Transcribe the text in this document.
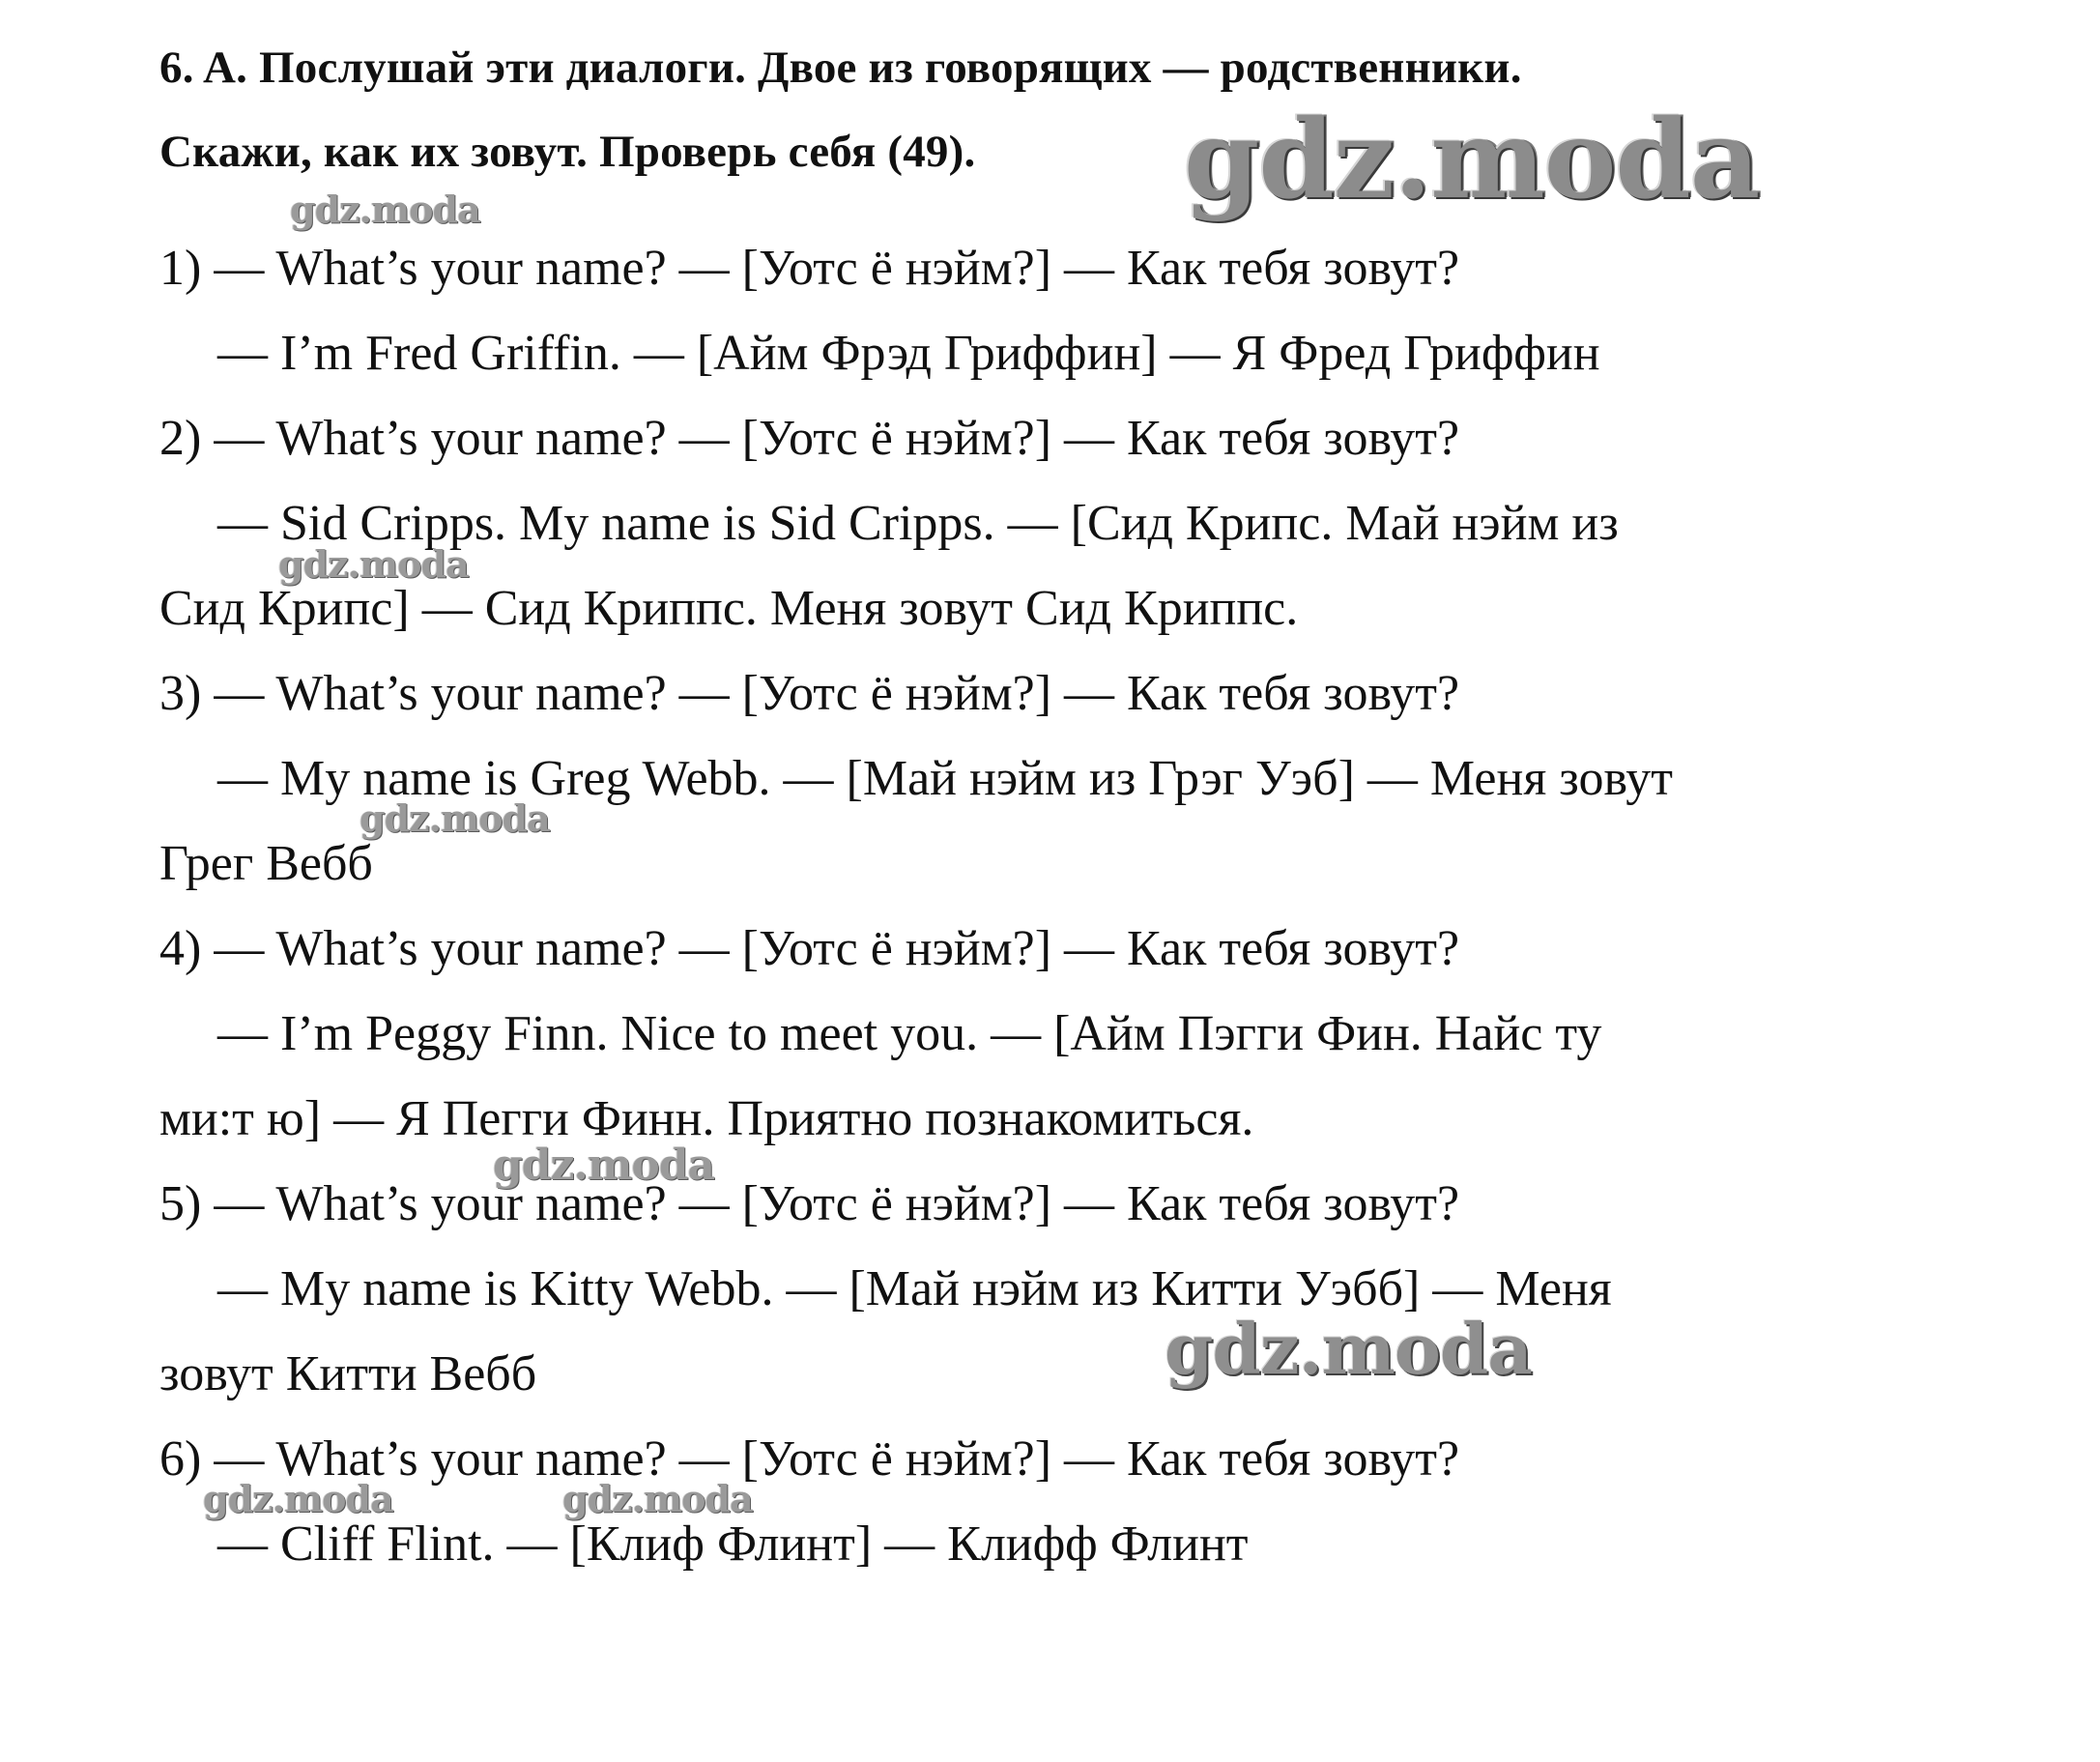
6. A. Послушай эти диалоги. Двое из говорящих — родственники.
Скажи, как их зовут. Проверь себя (49).
1) — What’s your name? — [Уотс ё нэйм?] — Как тебя зовут?
— I’m Fred Griffin. — [Айм Фрэд Гриффин] — Я Фред Гриффин
2) — What’s your name? — [Уотс ё нэйм?] — Как тебя зовут?
— Sid Cripps. My name is Sid Cripps. — [Сид Крипс. Май нэйм из
Сид Крипс] — Сид Криппс. Меня зовут Сид Криппс.
3) — What’s your name? — [Уотс ё нэйм?] — Как тебя зовут?
— My name is Greg Webb. — [Май нэйм из Грэг Уэб] — Меня зовут
Грег Вебб
4) — What’s your name? — [Уотс ё нэйм?] — Как тебя зовут?
— I’m Peggy Finn. Nice to meet you. — [Айм Пэгги Фин. Найс ту
ми:т ю] — Я Пегги Финн. Приятно познакомиться.
5) — What’s your name? — [Уотс ё нэйм?] — Как тебя зовут?
— My name is Kitty Webb. — [Май нэйм из Китти Уэбб] — Меня
зовут Китти Вебб
6) — What’s your name? — [Уотс ё нэйм?] — Как тебя зовут?
— Cliff Flint. — [Клиф Флинт] — Клифф Флинт
gdz.moda
gdz.moda
gdz.moda
gdz.moda
gdz.moda
gdz.moda
gdz.moda	gdz.moda
